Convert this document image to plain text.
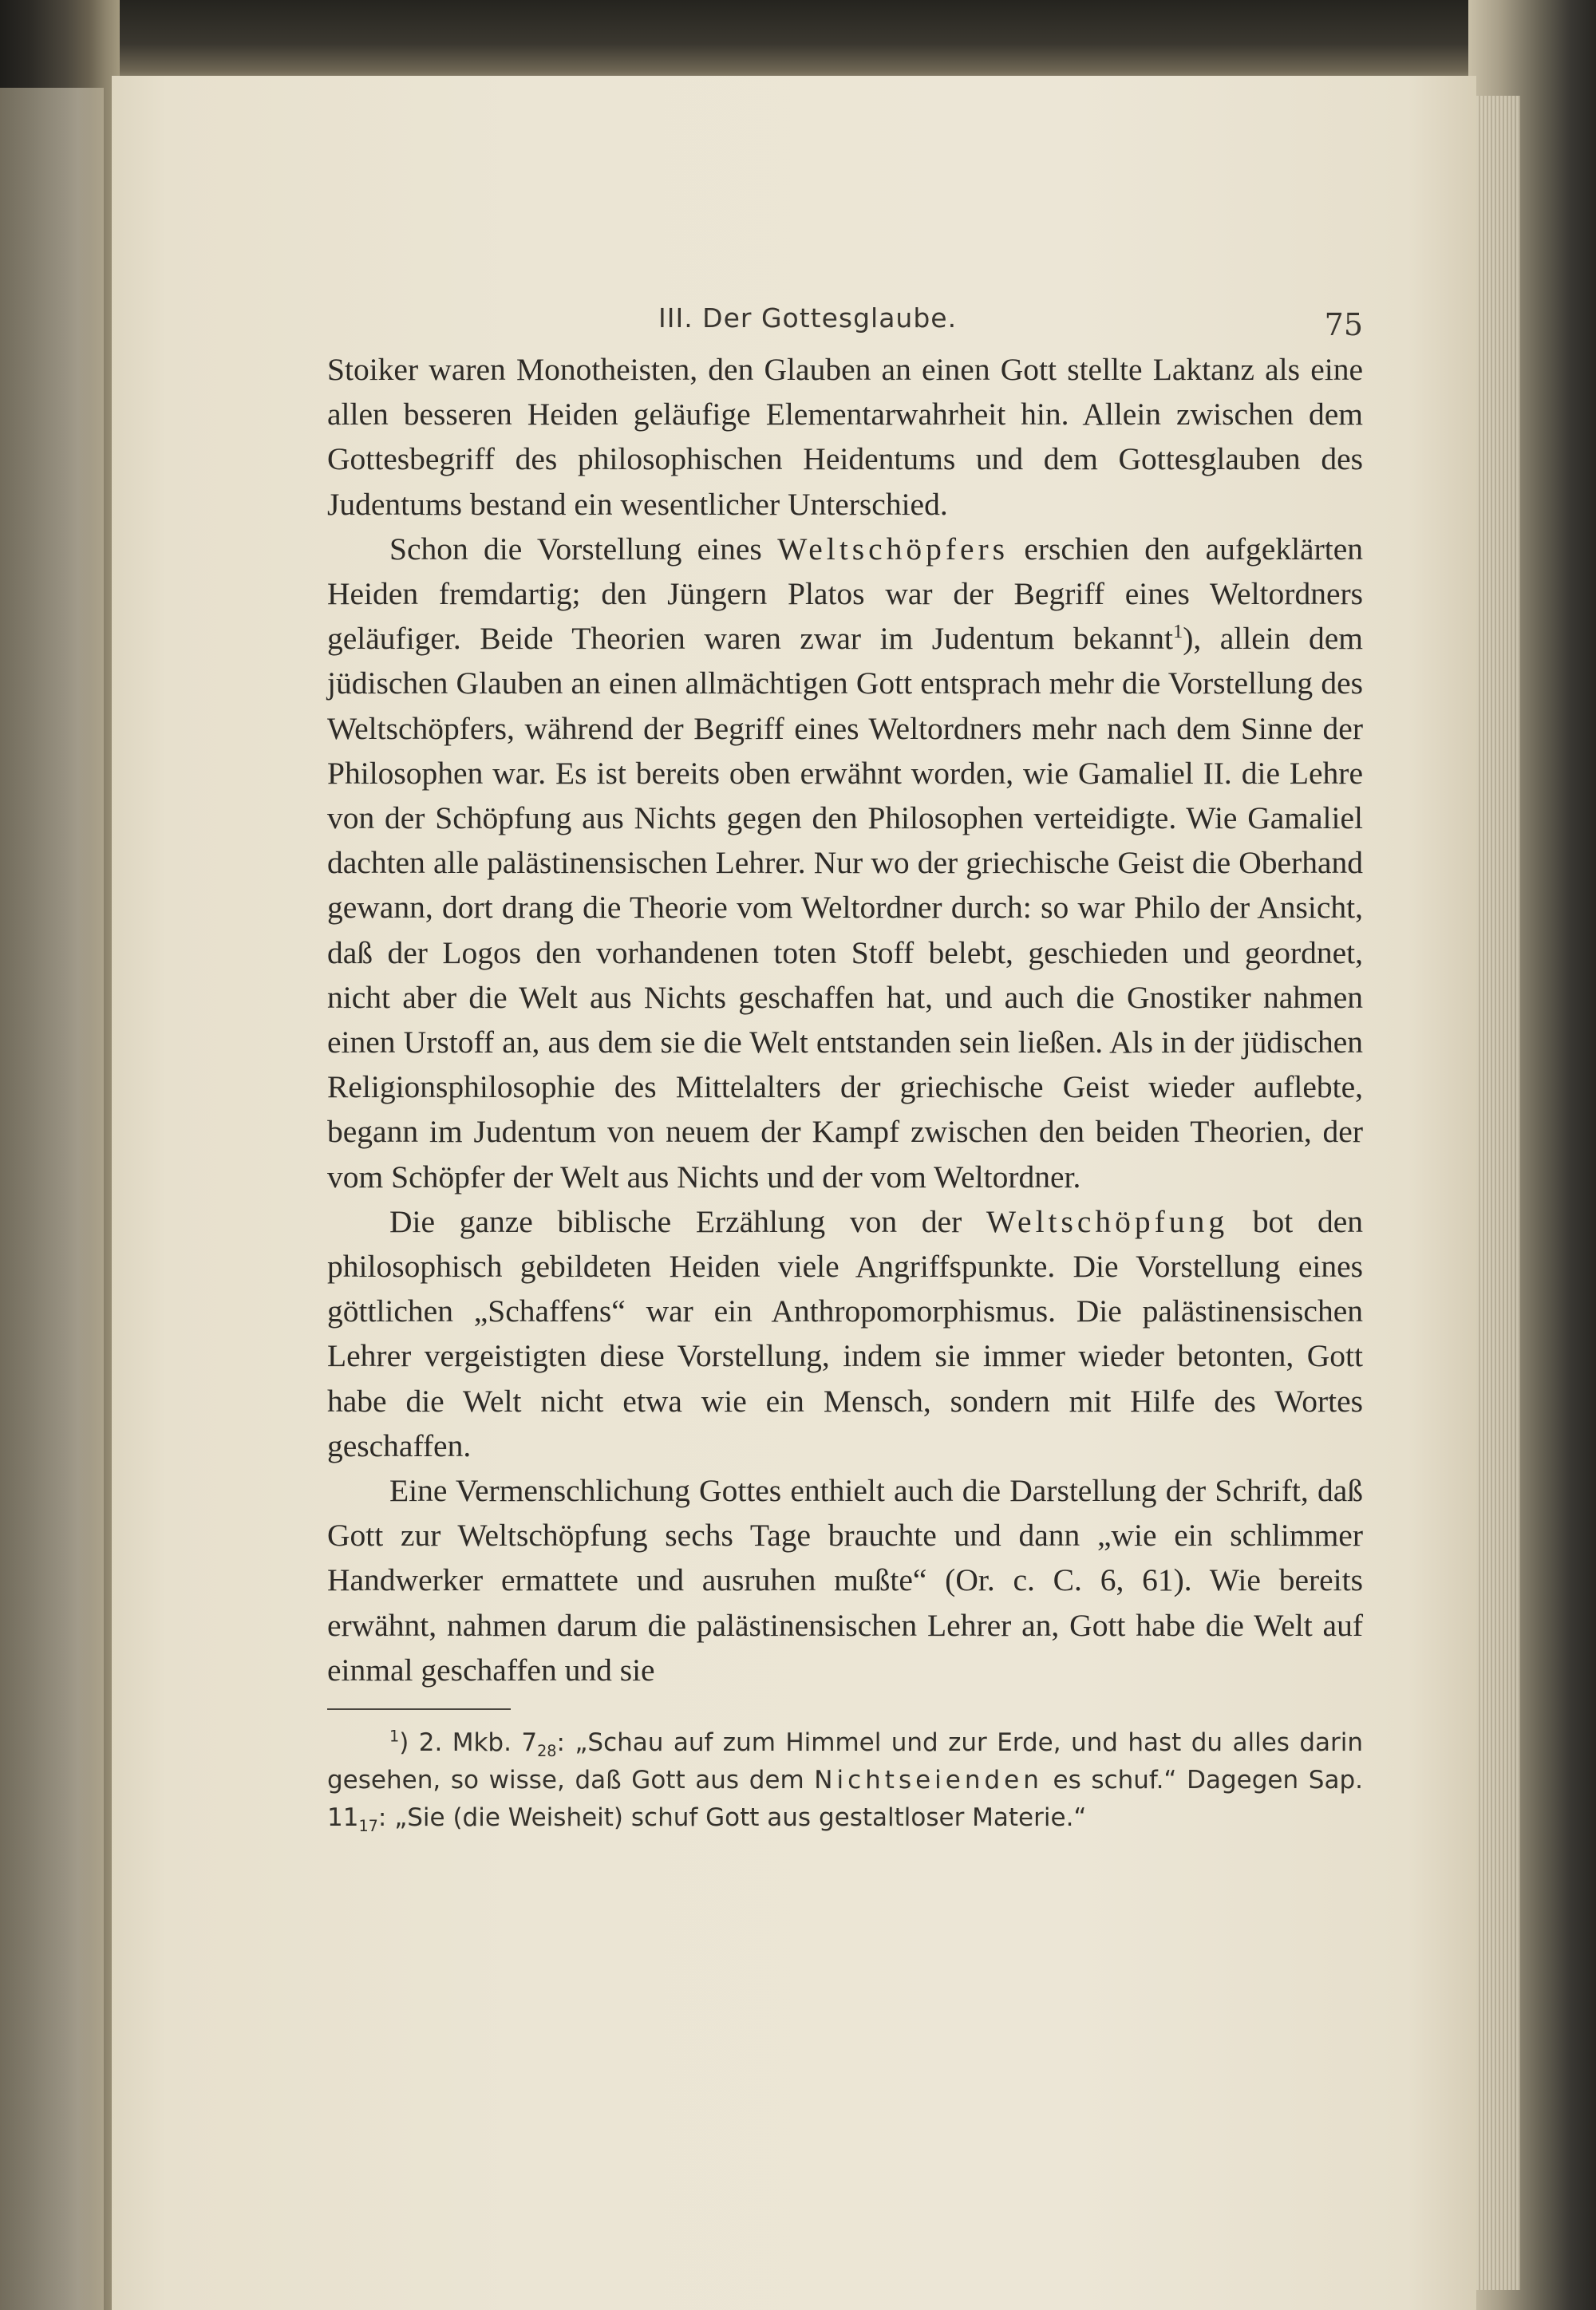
III. Der Gottesglaube.	75

Stoiker waren Monotheisten, den Glauben an einen Gott stellte Laktanz als eine allen besseren Heiden geläufige Elementarwahrheit hin. Allein zwischen dem Gottesbegriff des philosophischen Heidentums und dem Gottesglauben des Judentums bestand ein wesentlicher Unterschied.

Schon die Vorstellung eines Weltschöpfers erschien den aufgeklärten Heiden fremdartig; den Jüngern Platos war der Begriff eines Weltordners geläufiger. Beide Theorien waren zwar im Judentum bekannt$^1$), allein dem jüdischen Glauben an einen allmächtigen Gott entsprach mehr die Vorstellung des Weltschöpfers, während der Begriff eines Weltordners mehr nach dem Sinne der Philosophen war. Es ist bereits oben erwähnt worden, wie Gamaliel II. die Lehre von der Schöpfung aus Nichts gegen den Philosophen verteidigte. Wie Gamaliel dachten alle palästinensischen Lehrer. Nur wo der griechische Geist die Oberhand gewann, dort drang die Theorie vom Weltordner durch: so war Philo der Ansicht, daß der Logos den vorhandenen toten Stoff belebt, geschieden und geordnet, nicht aber die Welt aus Nichts geschaffen hat, und auch die Gnostiker nahmen einen Urstoff an, aus dem sie die Welt entstanden sein ließen. Als in der jüdischen Religionsphilosophie des Mittelalters der griechische Geist wieder auflebte, begann im Judentum von neuem der Kampf zwischen den beiden Theorien, der vom Schöpfer der Welt aus Nichts und der vom Weltordner.

Die ganze biblische Erzählung von der Weltschöpfung bot den philosophisch gebildeten Heiden viele Angriffspunkte. Die Vorstellung eines göttlichen „Schaffens“ war ein Anthropomorphismus. Die palästinensischen Lehrer vergeistigten diese Vorstellung, indem sie immer wieder betonten, Gott habe die Welt nicht etwa wie ein Mensch, sondern mit Hilfe des Wortes geschaffen.

Eine Vermenschlichung Gottes enthielt auch die Darstellung der Schrift, daß Gott zur Weltschöpfung sechs Tage brauchte und dann „wie ein schlimmer Handwerker ermattete und ausruhen mußte“ (Or. c. C. 6, 61). Wie bereits erwähnt, nahmen darum die palästinensischen Lehrer an, Gott habe die Welt auf einmal geschaffen und sie

$^1$) 2. Mkb. $7_{28}$: „Schau auf zum Himmel und zur Erde, und hast du alles darin gesehen, so wisse, daß Gott aus dem Nichtseienden es schuf.“ Dagegen Sap. $11_{17}$: „Sie (die Weisheit) schuf Gott aus gestaltloser Materie.“
